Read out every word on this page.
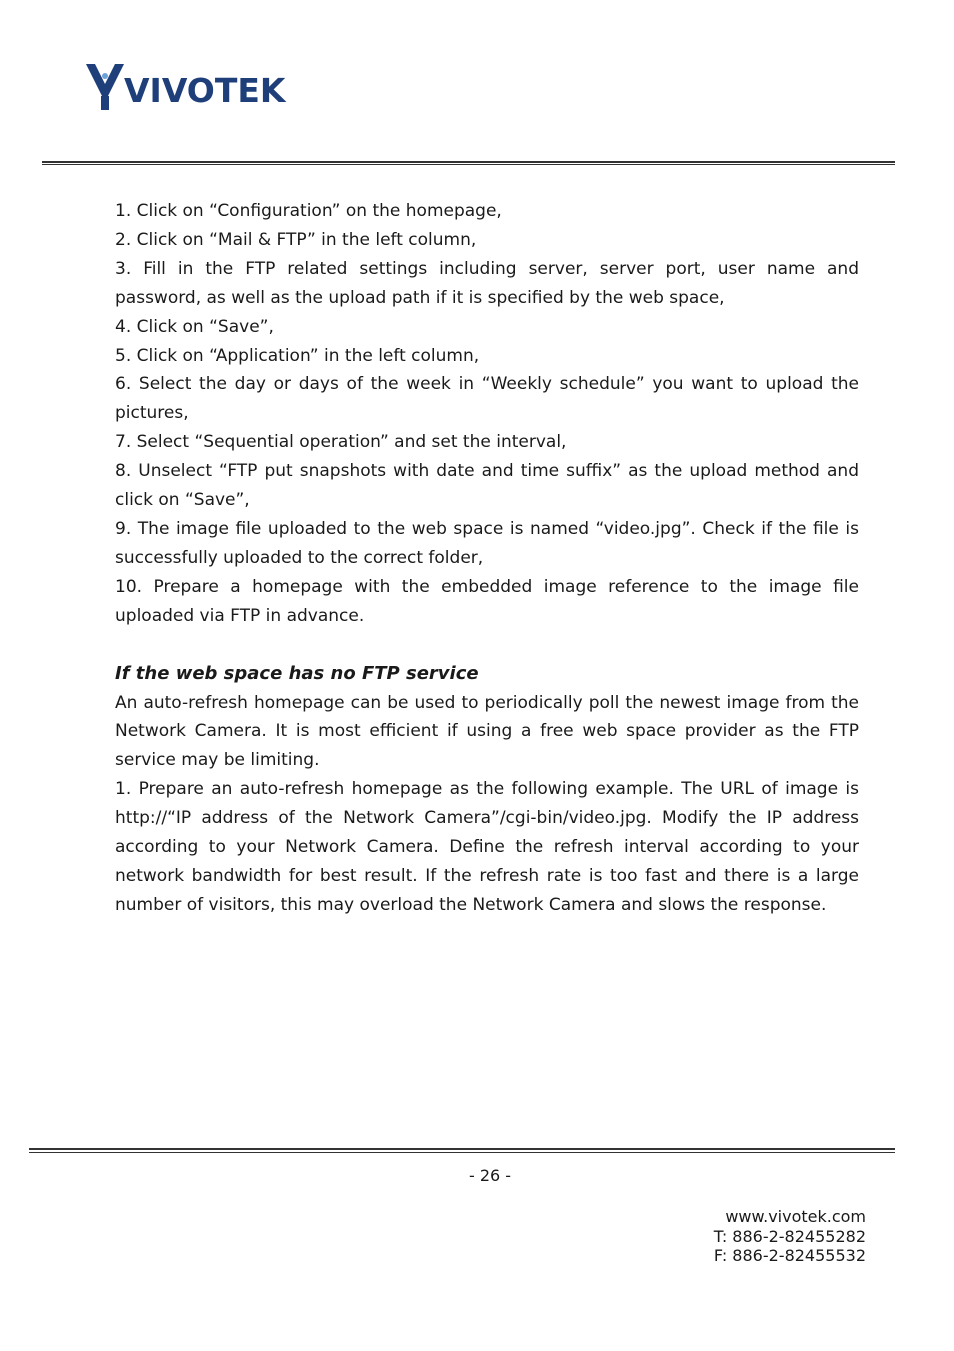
VIVOTEK

1. Click on “Configuration” on the homepage,

2. Click on “Mail & FTP” in the left column,

3. Fill in the FTP related settings including server, server port, user name and password, as well as the upload path if it is specified by the web space,

4. Click on “Save”,

5. Click on “Application” in the left column,

6. Select the day or days of the week in “Weekly schedule” you want to upload the pictures,

7. Select “Sequential operation” and set the interval,

8. Unselect “FTP put snapshots with date and time suffix” as the upload method and click on “Save”,

9. The image file uploaded to the web space is named “video.jpg”. Check if the file is successfully uploaded to the correct folder,

10. Prepare a homepage with the embedded image reference to the image file uploaded via FTP in advance.

If the web space has no FTP service

An auto-refresh homepage can be used to periodically poll the newest image from the Network Camera. It is most efficient if using a free web space provider as the FTP service may be limiting.

1. Prepare an auto-refresh homepage as the following example. The URL of image is http://“IP address of the Network Camera”/cgi-bin/video.jpg. Modify the IP address according to your Network Camera. Define the refresh interval according to your network bandwidth for best result. If the refresh rate is too fast and there is a large number of visitors, this may overload the Network Camera and slows the response.

- 26 -
www.vivotek.com
T: 886-2-82455282
F: 886-2-82455532
